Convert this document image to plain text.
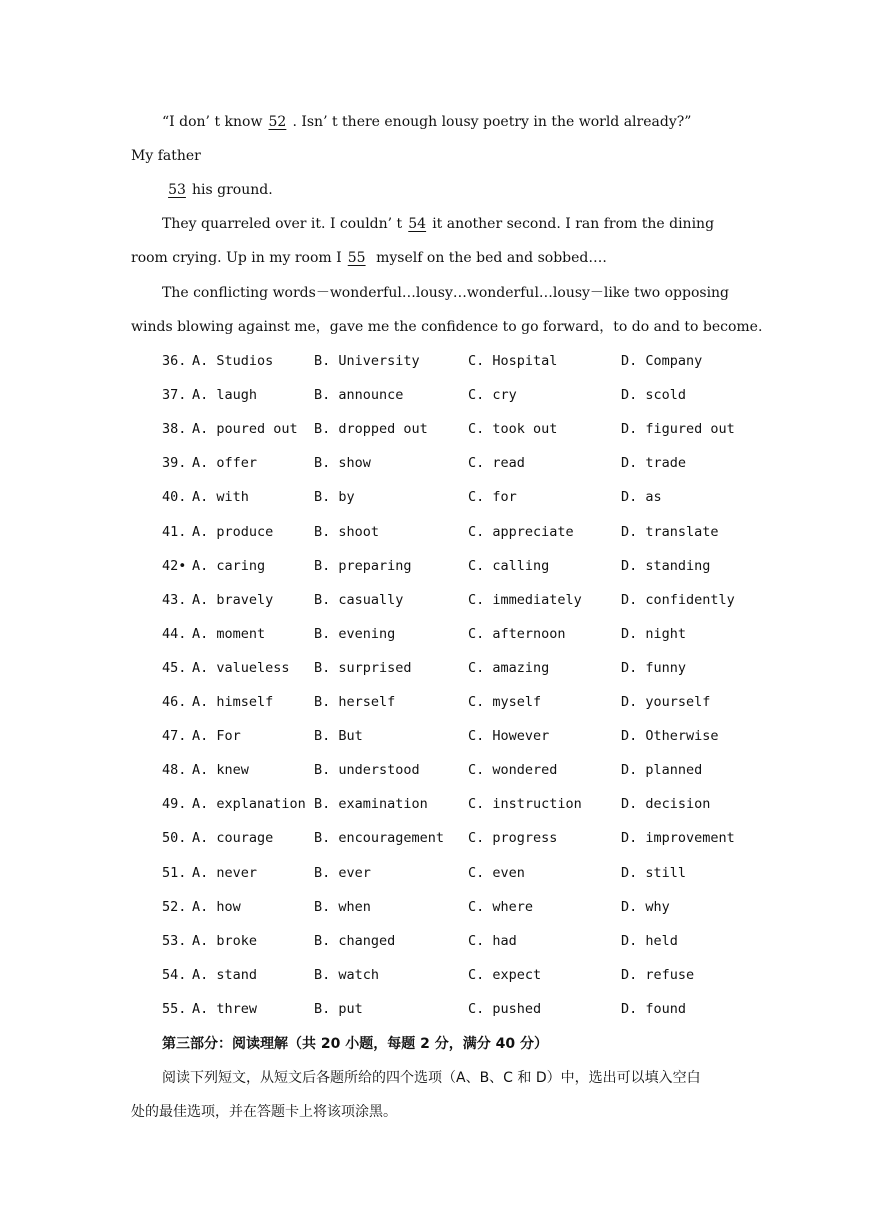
“I don’ t know 52 . Isn’ t there enough lousy poetry in the world already?”
My father
53 his ground.
They quarreled over it. I couldn’ t 54 it another second. I ran from the dining
room crying. Up in my room I 55 myself on the bed and sobbed….
The conflicting words－wonderful…lousy…wonderful…lousy－like two opposing
winds blowing against me，gave me the confidence to go forward，to do and to become.
36. A. Studios	B. University	C. Hospital	D. Company
37. A. laugh	B. announce	C. cry	D. scold
38. A. poured out B. dropped out	C. took out	D. figured out
39. A. offer	B. show	C. read	D. trade
40. A. with	B. by	C. for	D. as
41. A. produce	B. shoot	C. appreciate	D. translate
42• A. caring	B. preparing	C. calling	D. standing
43. A. bravely	B. casually	C. immediately	D. confidently
44. A. moment	B. evening	C. afternoon	D. night
45. A. valueless B. surprised	C. amazing	D. funny
46. A. himself	B. herself	C. myself	D. yourself
47. A. For	B. But	C. However	D. Otherwise
48. A. knew	B. understood	C. wondered	D. planned
49. A. explanation B. examination	C. instruction	D. decision
50. A. courage	B. encouragement C. progress	D. improvement
51. A. never	B. ever	C. even	D. still
52. A. how	B. when	C. where	D. why
53. A. broke	B. changed	C. had	D. held
54. A. stand	B. watch	C. expect	D. refuse
55. A. threw	B. put	C. pushed	D. found
第三部分：阅读理解（共 20 小题，每题 2 分，满分 40 分）
阅读下列短文，从短文后各题所给的四个选项（A、B、C 和 D）中，选出可以填入空白
处的最佳选项，并在答题卡上将该项涂黑。
